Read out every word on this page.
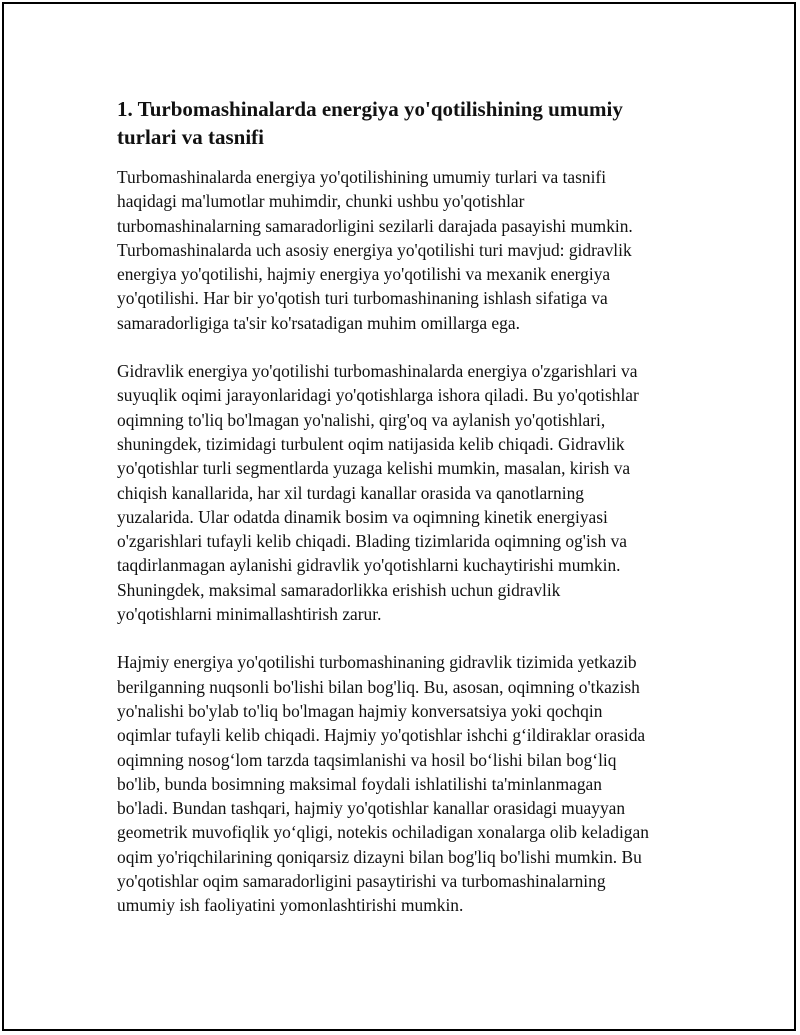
1. Turbomashinalarda energiya yo'qotilishining umumiy
turlari va tasnifi

Turbomashinalarda energiya yo'qotilishining umumiy turlari va tasnifi
haqidagi ma'lumotlar muhimdir, chunki ushbu yo'qotishlar
turbomashinalarning samaradorligini sezilarli darajada pasayishi mumkin.
Turbomashinalarda uch asosiy energiya yo'qotilishi turi mavjud: gidravlik
energiya yo'qotilishi, hajmiy energiya yo'qotilishi va mexanik energiya
yo'qotilishi. Har bir yo'qotish turi turbomashinaning ishlash sifatiga va
samaradorligiga ta'sir ko'rsatadigan muhim omillarga ega.

Gidravlik energiya yo'qotilishi turbomashinalarda energiya o'zgarishlari va
suyuqlik oqimi jarayonlaridagi yo'qotishlarga ishora qiladi. Bu yo'qotishlar
oqimning to'liq bo'lmagan yo'nalishi, qirg'oq va aylanish yo'qotishlari,
shuningdek, tizimidagi turbulent oqim natijasida kelib chiqadi. Gidravlik
yo'qotishlar turli segmentlarda yuzaga kelishi mumkin, masalan, kirish va
chiqish kanallarida, har xil turdagi kanallar orasida va qanotlarning
yuzalarida. Ular odatda dinamik bosim va oqimning kinetik energiyasi
o'zgarishlari tufayli kelib chiqadi. Blading tizimlarida oqimning og'ish va
taqdirlanmagan aylanishi gidravlik yo'qotishlarni kuchaytirishi mumkin.
Shuningdek, maksimal samaradorlikka erishish uchun gidravlik
yo'qotishlarni minimallashtirish zarur.

Hajmiy energiya yo'qotilishi turbomashinaning gidravlik tizimida yetkazib
berilganning nuqsonli bo'lishi bilan bog'liq. Bu, asosan, oqimning o'tkazish
yo'nalishi bo'ylab to'liq bo'lmagan hajmiy konversatsiya yoki qochqin
oqimlar tufayli kelib chiqadi. Hajmiy yo'qotishlar ishchi g‘ildiraklar orasida
oqimning nosog‘lom tarzda taqsimlanishi va hosil bo‘lishi bilan bog‘liq
bo'lib, bunda bosimning maksimal foydali ishlatilishi ta'minlanmagan
bo'ladi. Bundan tashqari, hajmiy yo'qotishlar kanallar orasidagi muayyan
geometrik muvofiqlik yo‘qligi, notekis ochiladigan xonalarga olib keladigan
oqim yo'riqchilarining qoniqarsiz dizayni bilan bog'liq bo'lishi mumkin. Bu
yo'qotishlar oqim samaradorligini pasaytirishi va turbomashinalarning
umumiy ish faoliyatini yomonlashtirishi mumkin.
